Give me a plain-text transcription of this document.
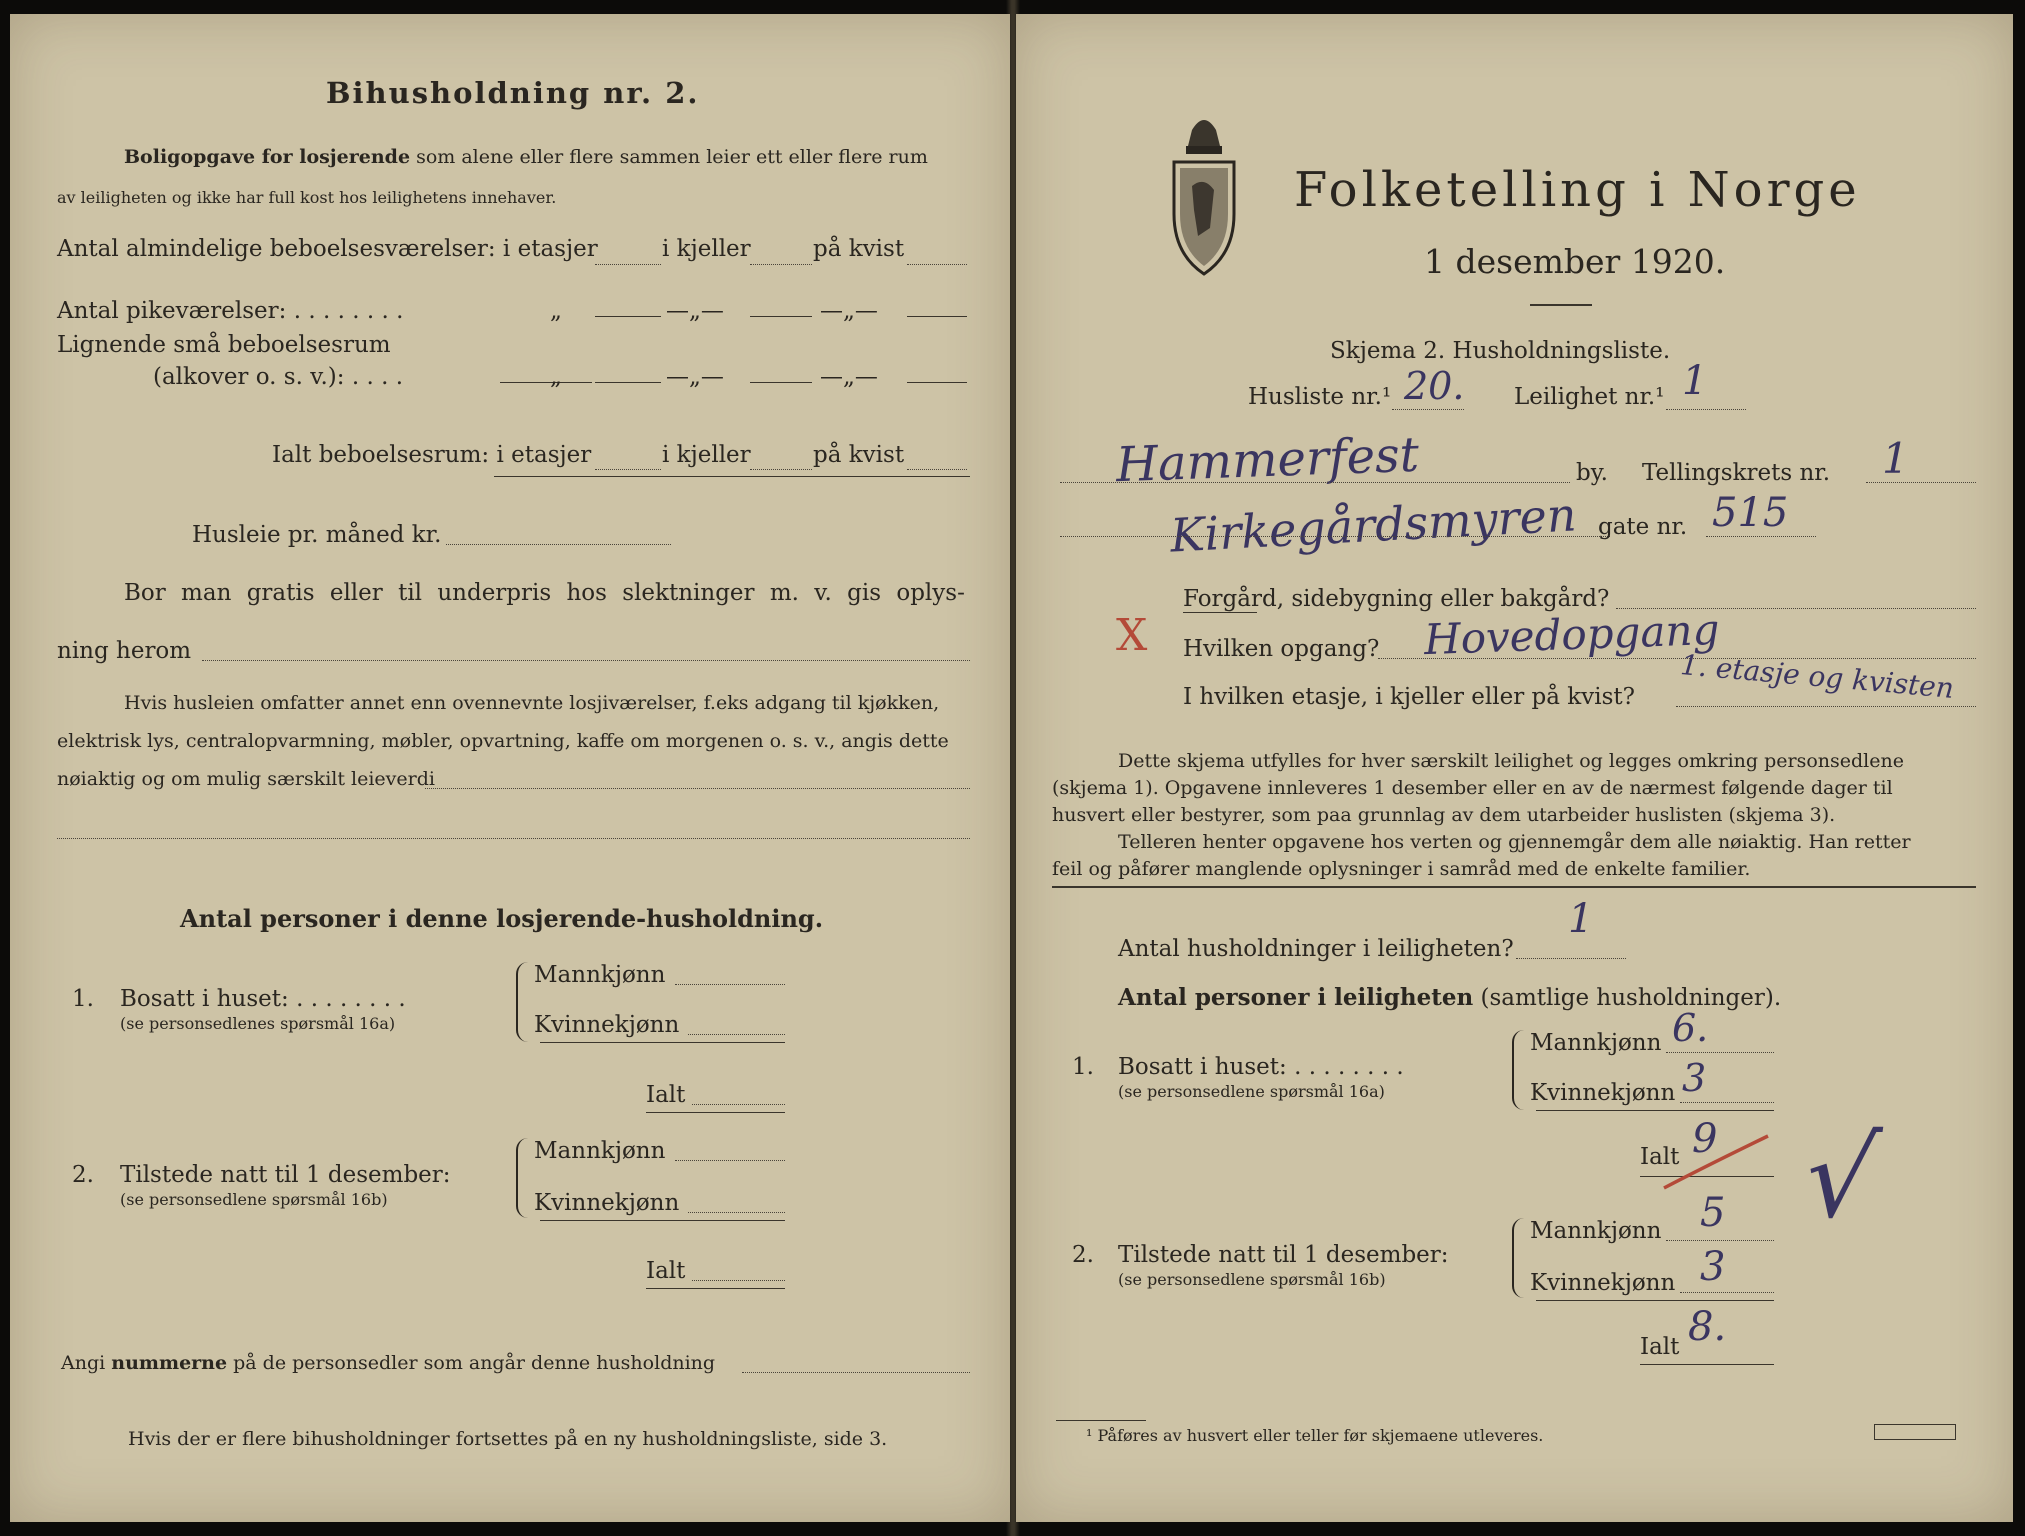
Bihusholdning nr. 2.
Boligopgave for losjerende som alene eller flere sammen leier ett eller flere rum
av leiligheten og ikke har full kost hos leilighetens innehaver.
Antal almindelige beboelsesværelser: i etasjer	i kjeller	på kvist
Antal pikeværelser: . . . . . . . .	„	—„—	—„—
Lignende små beboelsesrum
(alkover o. s. v.): . . . .	„	—„—	—„—
Ialt beboelsesrum: i etasjer	i kjeller	på kvist
Husleie pr. måned kr.
Bor man gratis eller til underpris hos slektninger m. v. gis oplys-
ning herom
Hvis husleien omfatter annet enn ovennevnte losjiværelser, f.eks adgang til kjøkken,
elektrisk lys, centralopvarmning, møbler, opvartning, kaffe om morgenen o. s. v., angis dette
nøiaktig og om mulig særskilt leieverdi
Antal personer i denne losjerende-husholdning.
1. Bosatt i huset: . . . . . . . .
(se personsedlenes spørsmål 16a)
Mannkjønn
Kvinnekjønn
Ialt
2. Tilstede natt til 1 desember:
(se personsedlene spørsmål 16b)
Mannkjønn
Kvinnekjønn
Ialt
Angi nummerne på de personsedler som angår denne husholdning
Hvis der er flere bihusholdninger fortsettes på en ny husholdningsliste, side 3.
Folketelling i Norge
1 desember 1920.
Skjema 2. Husholdningsliste.
Husliste nr.¹ 20. Leilighet nr.¹ 1
Hammerfest	by. Tellingskrets nr. 1
Kirkegårdsmyren gate nr. 515
Forgård, sidebygning eller bakgård?
X Hvilken opgang? Hovedopgang
I hvilken etasje, i kjeller eller på kvist? 1. etasje og kvisten
Dette skjema utfylles for hver særskilt leilighet og legges omkring personsedlene
(skjema 1). Opgavene innleveres 1 desember eller en av de nærmest følgende dager til
husvert eller bestyrer, som paa grunnlag av dem utarbeider huslisten (skjema 3).
Telleren henter opgavene hos verten og gjennemgår dem alle nøiaktig. Han retter
feil og påfører manglende oplysninger i samråd med de enkelte familier.
Antal husholdninger i leiligheten?
1
Antal personer i leiligheten (samtlige husholdninger).
1. Bosatt i huset: . . . . . . . .
(se personsedlene spørsmål 16a)
Mannkjønn 6.
Kvinnekjønn 3
Ialt 9 √
2. Tilstede natt til 1 desember:
(se personsedlene spørsmål 16b)
Mannkjønn 5
Kvinnekjønn 3
Ialt 8.
¹ Påføres av husvert eller teller før skjemaene utleveres.
